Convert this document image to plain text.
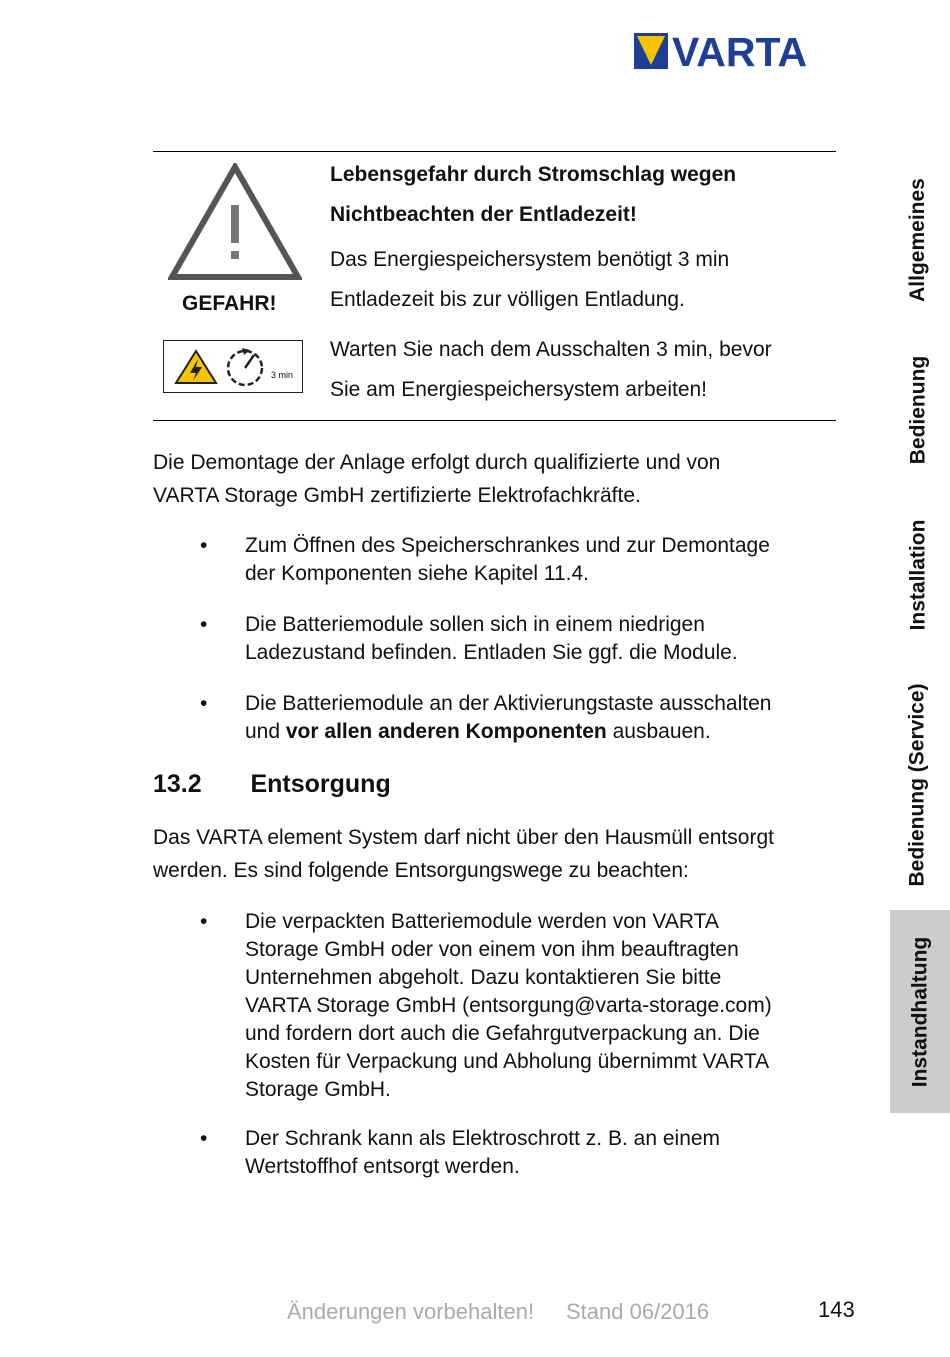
VARTA
Allgemeines
Bedienung
Installation
Bedienung (Service)
Instandhaltung
GEFAHR!
3 min
Lebensgefahr durch Stromschlag wegen
Nichtbeachten der Entladezeit!
Das Energiespeichersystem benötigt 3 min
Entladezeit bis zur völligen Entladung.
Warten Sie nach dem Ausschalten 3 min, bevor
Sie am Energiespeichersystem arbeiten!
Die Demontage der Anlage erfolgt durch qualifizierte und von
VARTA Storage GmbH zertifizierte Elektrofachkräfte.
•	Zum Öffnen des Speicherschrankes und zur Demontage
der Komponenten siehe Kapitel 11.4.
•	Die Batteriemodule sollen sich in einem niedrigen
Ladezustand befinden. Entladen Sie ggf. die Module.
•	Die Batteriemodule an der Aktivierungstaste ausschalten
und vor allen anderen Komponenten ausbauen.
13.2 Entsorgung
Das VARTA element System darf nicht über den Hausmüll entsorgt
werden. Es sind folgende Entsorgungswege zu beachten:
•	Die verpackten Batteriemodule werden von VARTA
Storage GmbH oder von einem von ihm beauftragten
Unternehmen abgeholt. Dazu kontaktieren Sie bitte
VARTA Storage GmbH (entsorgung@varta-storage.com)
und fordern dort auch die Gefahrgutverpackung an. Die
Kosten für Verpackung und Abholung übernimmt VARTA
Storage GmbH.
•	Der Schrank kann als Elektroschrott z. B. an einem
Wertstoffhof entsorgt werden.
Änderungen vorbehalten! Stand 06/2016	143
